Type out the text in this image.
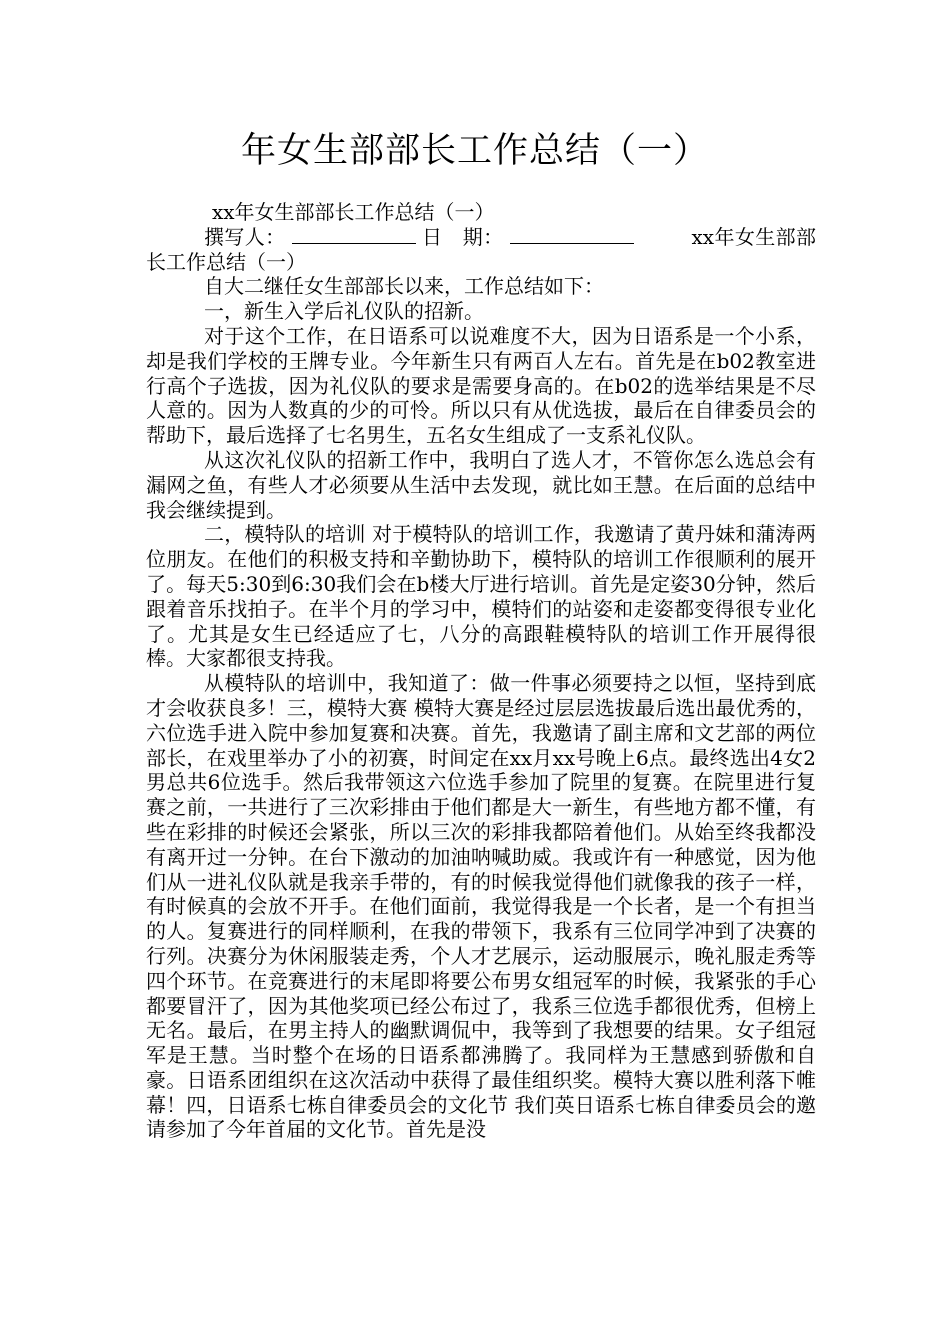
年女生部部长工作总结（一）

xx年女生部部长工作总结（一）

撰写人：	日　期：	xx年女生部部长工作总结（一）

自大二继任女生部部长以来，工作总结如下：

一，新生入学后礼仪队的招新。

对于这个工作，在日语系可以说难度不大，因为日语系是一个小系，却是我们学校的王牌专业。今年新生只有两百人左右。首先是在b02教室进行高个子选拔，因为礼仪队的要求是需要身高的。在b02的选举结果是不尽人意的。因为人数真的少的可怜。所以只有从优选拔，最后在自律委员会的帮助下，最后选择了七名男生，五名女生组成了一支系礼仪队。

从这次礼仪队的招新工作中，我明白了选人才，不管你怎么选总会有漏网之鱼，有些人才必须要从生活中去发现，就比如王慧。在后面的总结中我会继续提到。

二，模特队的培训 对于模特队的培训工作，我邀请了黄丹妹和蒲涛两位朋友。在他们的积极支持和辛勤协助下，模特队的培训工作很顺利的展开了。每天5:30到6:30我们会在b楼大厅进行培训。首先是定姿30分钟，然后跟着音乐找拍子。在半个月的学习中，模特们的站姿和走姿都变得很专业化了。尤其是女生已经适应了七，八分的高跟鞋模特队的培训工作开展得很棒。大家都很支持我。

从模特队的培训中，我知道了：做一件事必须要持之以恒，坚持到底才会收获良多！三，模特大赛 模特大赛是经过层层选拔最后选出最优秀的，六位选手进入院中参加复赛和决赛。首先，我邀请了副主席和文艺部的两位部长，在戏里举办了小的初赛，时间定在xx月xx号晚上6点。最终选出4女2男总共6位选手。然后我带领这六位选手参加了院里的复赛。在院里进行复赛之前，一共进行了三次彩排由于他们都是大一新生，有些地方都不懂，有些在彩排的时候还会紧张，所以三次的彩排我都陪着他们。从始至终我都没有离开过一分钟。在台下激动的加油呐喊助威。我或许有一种感觉，因为他们从一进礼仪队就是我亲手带的，有的时候我觉得他们就像我的孩子一样，有时候真的会放不开手。在他们面前，我觉得我是一个长者，是一个有担当的人。复赛进行的同样顺利，在我的带领下，我系有三位同学冲到了决赛的行列。决赛分为休闲服装走秀，个人才艺展示，运动服展示，晚礼服走秀等四个环节。在竞赛进行的末尾即将要公布男女组冠军的时候，我紧张的手心都要冒汗了，因为其他奖项已经公布过了，我系三位选手都很优秀，但榜上无名。最后，在男主持人的幽默调侃中，我等到了我想要的结果。女子组冠军是王慧。当时整个在场的日语系都沸腾了。我同样为王慧感到骄傲和自豪。日语系团组织在这次活动中获得了最佳组织奖。模特大赛以胜利落下帷幕！四，日语系七栋自律委员会的文化节 我们英日语系七栋自律委员会的邀请参加了今年首届的文化节。首先是没
